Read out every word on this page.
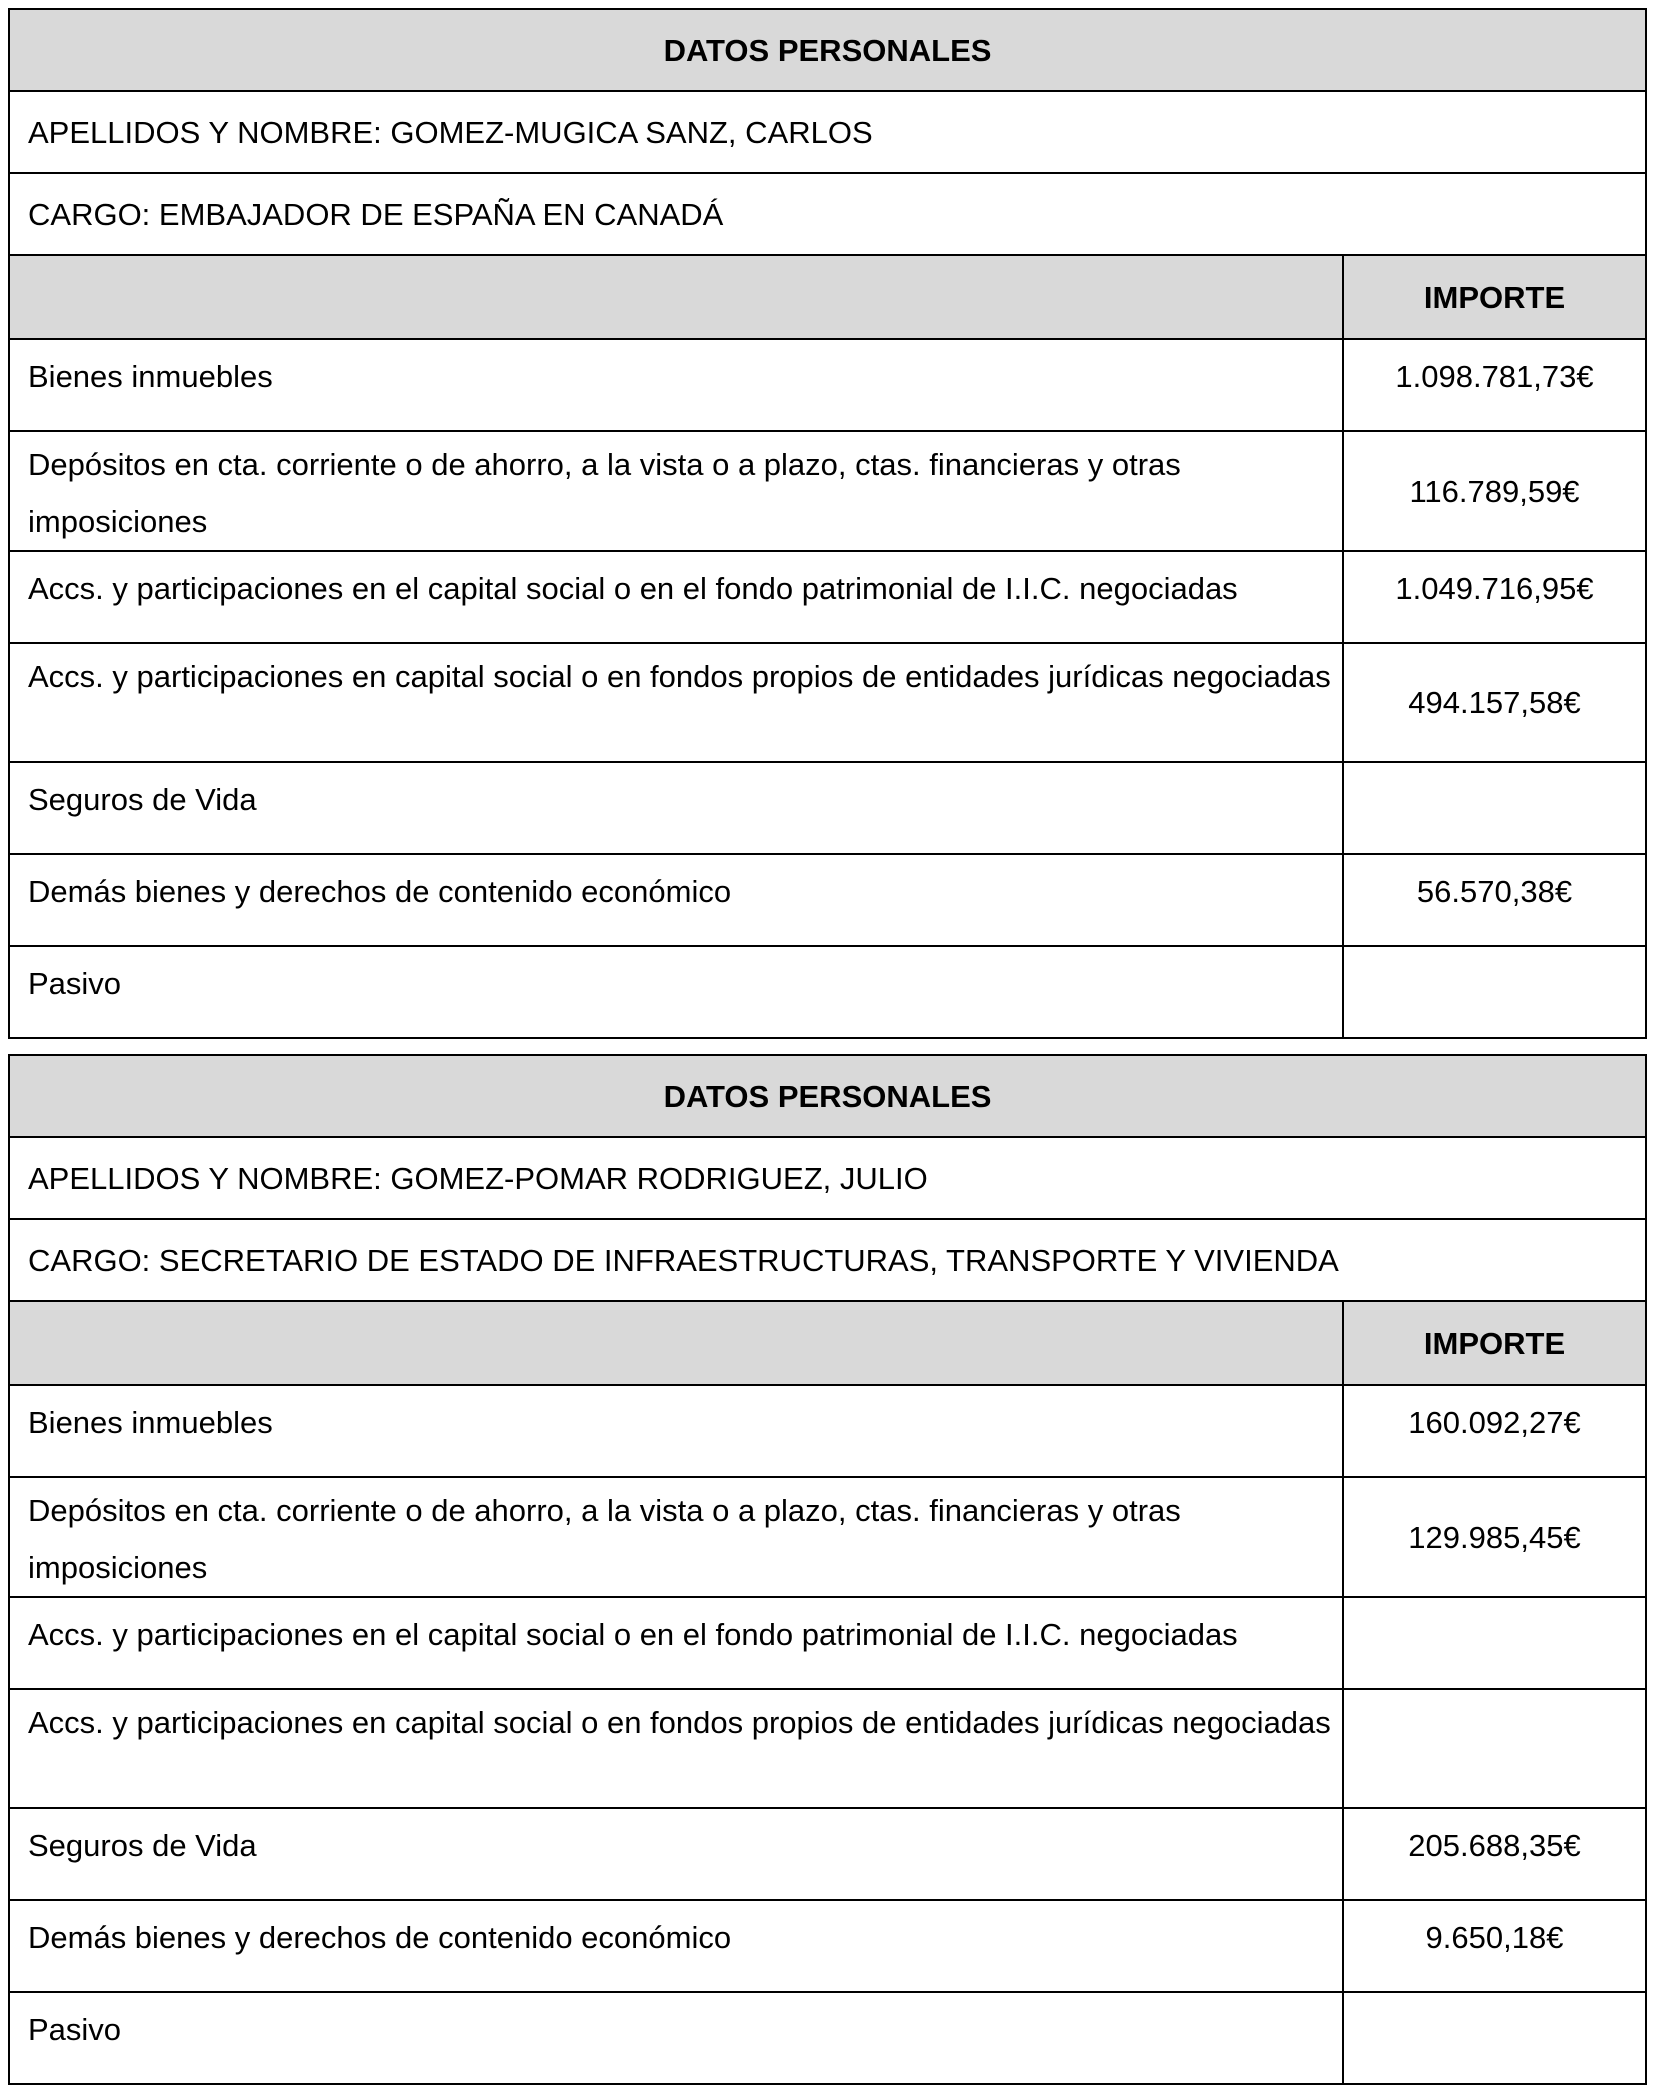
DATOS PERSONALES	
APELLIDOS Y NOMBRE: GOMEZ-MUGICA SANZ, CARLOS	
CARGO: EMBAJADOR DE ESPAÑA EN CANADÁ	
	IMPORTE
Bienes inmuebles	1.098.781,73€
Depósitos en cta. corriente o de ahorro, a la vista o a plazo, ctas. financieras y otras imposiciones	116.789,59€
Accs. y participaciones en el capital social o en el fondo patrimonial de I.I.C. negociadas	1.049.716,95€
Accs. y participaciones en capital social o en fondos propios de entidades jurídicas negociadas	494.157,58€
Seguros de Vida	
Demás bienes y derechos de contenido económico	56.570,38€
Pasivo	
DATOS PERSONALES	
APELLIDOS Y NOMBRE: GOMEZ-POMAR RODRIGUEZ, JULIO	
CARGO: SECRETARIO DE ESTADO DE INFRAESTRUCTURAS, TRANSPORTE Y VIVIENDA	
	IMPORTE
Bienes inmuebles	160.092,27€
Depósitos en cta. corriente o de ahorro, a la vista o a plazo, ctas. financieras y otras imposiciones	129.985,45€
Accs. y participaciones en el capital social o en el fondo patrimonial de I.I.C. negociadas	
Accs. y participaciones en capital social o en fondos propios de entidades jurídicas negociadas	
Seguros de Vida	205.688,35€
Demás bienes y derechos de contenido económico	9.650,18€
Pasivo	
